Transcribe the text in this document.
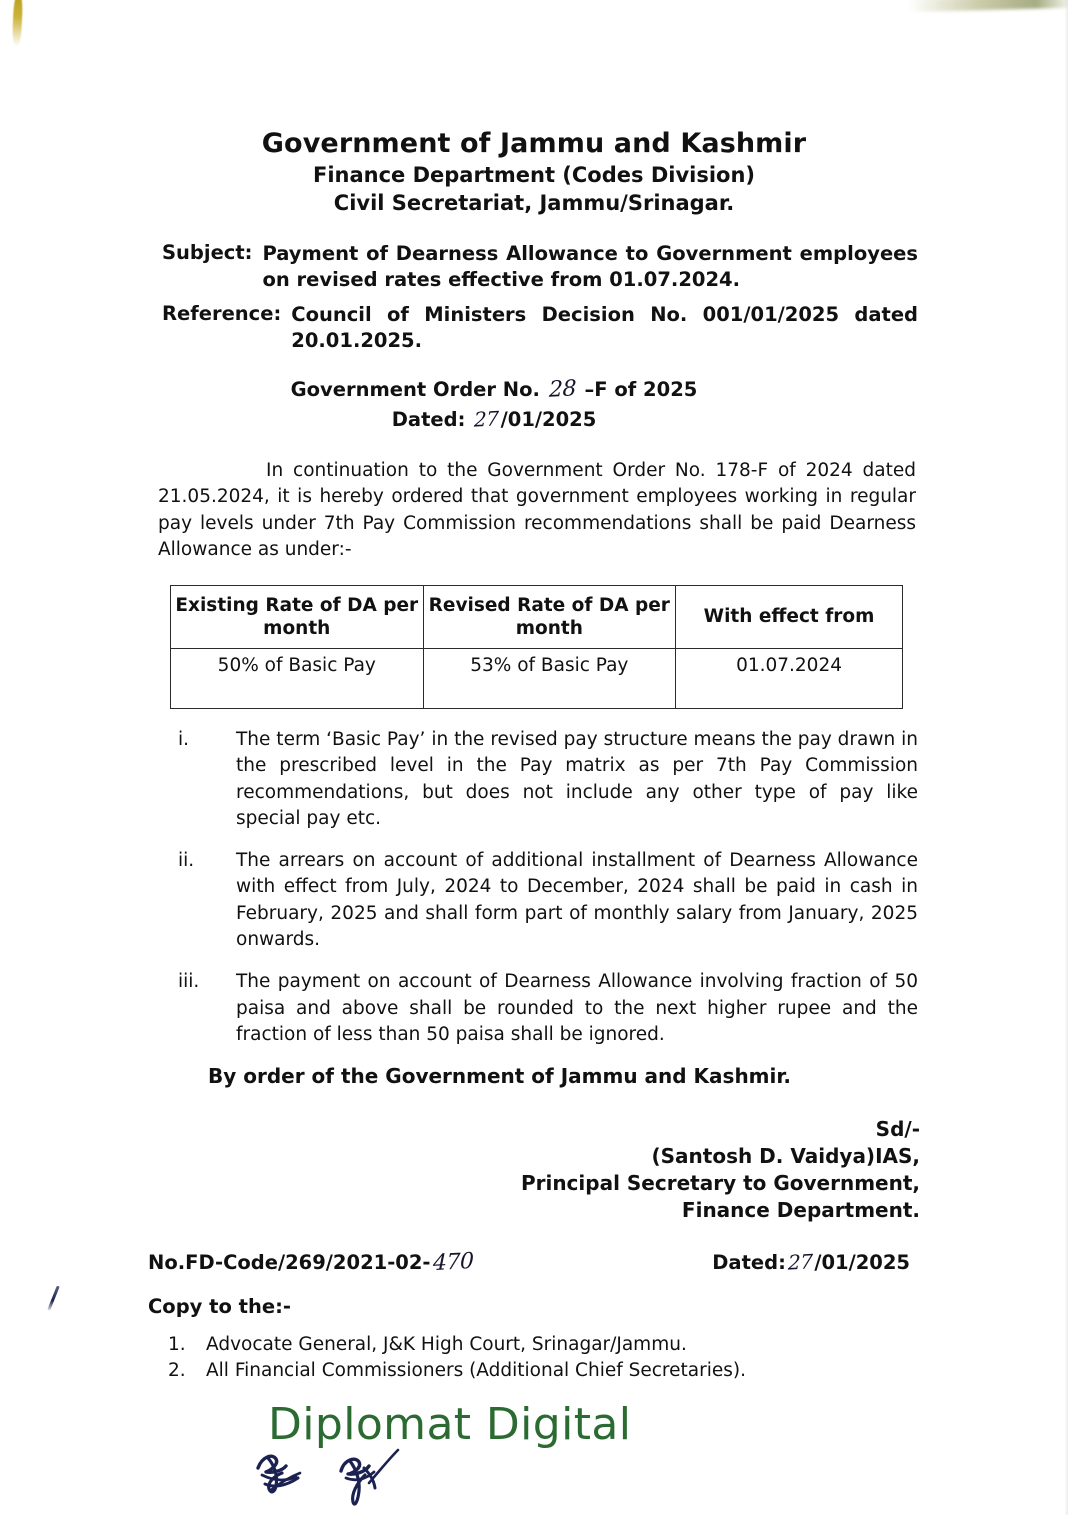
Government of Jammu and Kashmir
Finance Department (Codes Division)
Civil Secretariat, Jammu/Srinagar.
Subject: Payment of Dearness Allowance to Government employees on revised rates effective from 01.07.2024.
Reference: Council of Ministers Decision No. 001/01/2025 dated 20.01.2025.
Government Order No. 28 –F of 2025
Dated: 27/01/2025
In continuation to the Government Order No. 178-F of 2024 dated 21.05.2024, it is hereby ordered that government employees working in regular pay levels under 7th Pay Commission recommendations shall be paid Dearness Allowance as under:-
Existing Rate of DA per month	Revised Rate of DA per month	With effect from
50% of Basic Pay	53% of Basic Pay	01.07.2024
i.	The term ‘Basic Pay’ in the revised pay structure means the pay drawn in the prescribed level in the Pay matrix as per 7th Pay Commission recommendations, but does not include any other type of pay like special pay etc.
ii.	The arrears on account of additional installment of Dearness Allowance with effect from July, 2024 to December, 2024 shall be paid in cash in February, 2025 and shall form part of monthly salary from January, 2025 onwards.
iii.	The payment on account of Dearness Allowance involving fraction of 50 paisa and above shall be rounded to the next higher rupee and the fraction of less than 50 paisa shall be ignored.
By order of the Government of Jammu and Kashmir.
Sd/-
(Santosh D. Vaidya)IAS,
Principal Secretary to Government,
Finance Department.
No.FD-Code/269/2021-02-470	Dated:27/01/2025
Copy to the:-
1.	Advocate General, J&K High Court, Srinagar/Jammu.
2.	All Financial Commissioners (Additional Chief Secretaries).
Diplomat Digital
